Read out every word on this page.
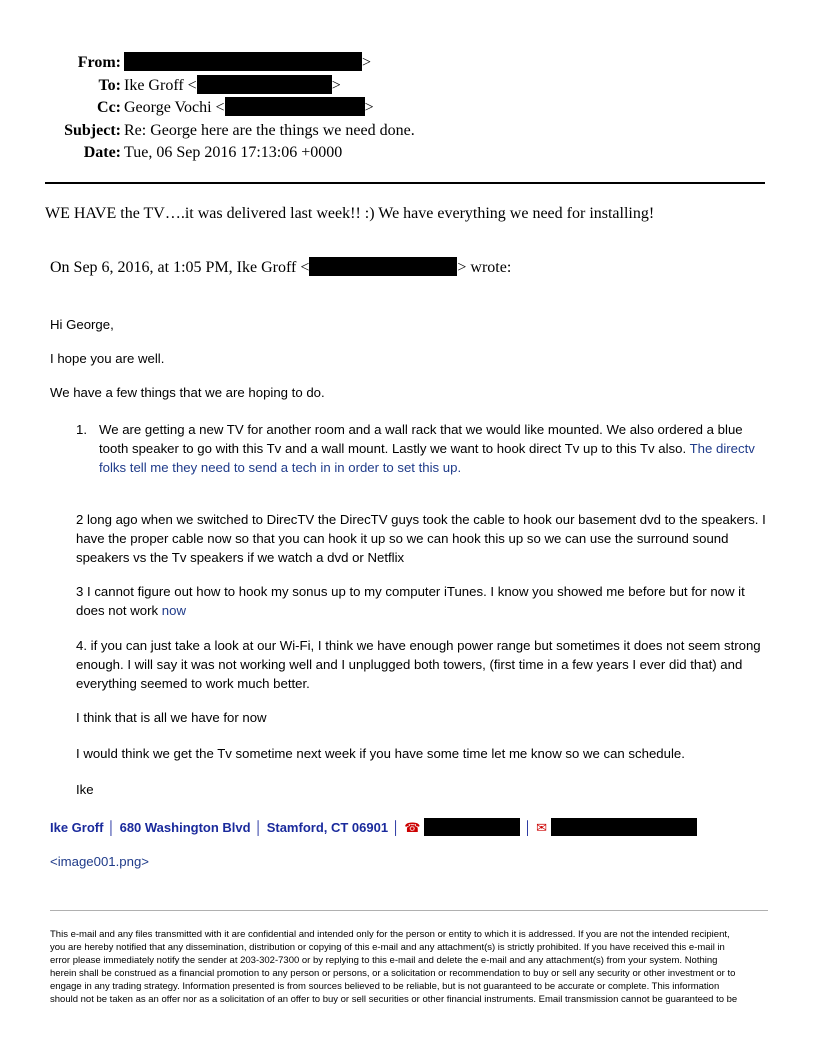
From:	>
To: Ike Groff <	>
Cc: George Vochi <	>
Subject: Re: George here are the things we need done.
Date: Tue, 06 Sep 2016 17:13:06 +0000
WE HAVE the TV….it was delivered last week!! :) We have everything we need for installing!
On Sep 6, 2016, at 1:05 PM, Ike Groff <	> wrote:
Hi George,
I hope you are well.
We have a few things that we are hoping to do.
1. We are getting a new TV for another room and a wall rack that we would like mounted. We also ordered a blue tooth speaker to go with this Tv and a wall mount. Lastly we want to hook direct Tv up to this Tv also. The directv folks tell me they need to send a tech in in order to set this up.
2 long ago when we switched to DirecTV the DirecTV guys took the cable to hook our basement dvd to the speakers. I have the proper cable now so that you can hook it up so we can hook this up so we can use the surround sound speakers vs the Tv speakers if we watch a dvd or Netflix
3 I cannot figure out how to hook my sonus up to my computer iTunes. I know you showed me before but for now it does not work now
4. if you can just take a look at our Wi-Fi, I think we have enough power range but sometimes it does not seem strong enough. I will say it was not working well and I unplugged both towers, (first time in a few years I ever did that) and everything seemed to work much better.
I think that is all we have for now
I would think we get the Tv sometime next week if you have some time let me know so we can schedule.
Ike
Ike Groff │ 680 Washington Blvd │ Stamford, CT 06901 │ ☎	│ ✉
<image001.png>
This e-mail and any files transmitted with it are confidential and intended only for the person or entity to which it is addressed. If you are not the intended recipient,
you are hereby notified that any dissemination, distribution or copying of this e-mail and any attachment(s) is strictly prohibited. If you have received this e-mail in
error please immediately notify the sender at 203-302-7300 or by replying to this e-mail and delete the e-mail and any attachment(s) from your system. Nothing
herein shall be construed as a financial promotion to any person or persons, or a solicitation or recommendation to buy or sell any security or other investment or to
engage in any trading strategy. Information presented is from sources believed to be reliable, but is not guaranteed to be accurate or complete. This information
should not be taken as an offer nor as a solicitation of an offer to buy or sell securities or other financial instruments. Email transmission cannot be guaranteed to be
